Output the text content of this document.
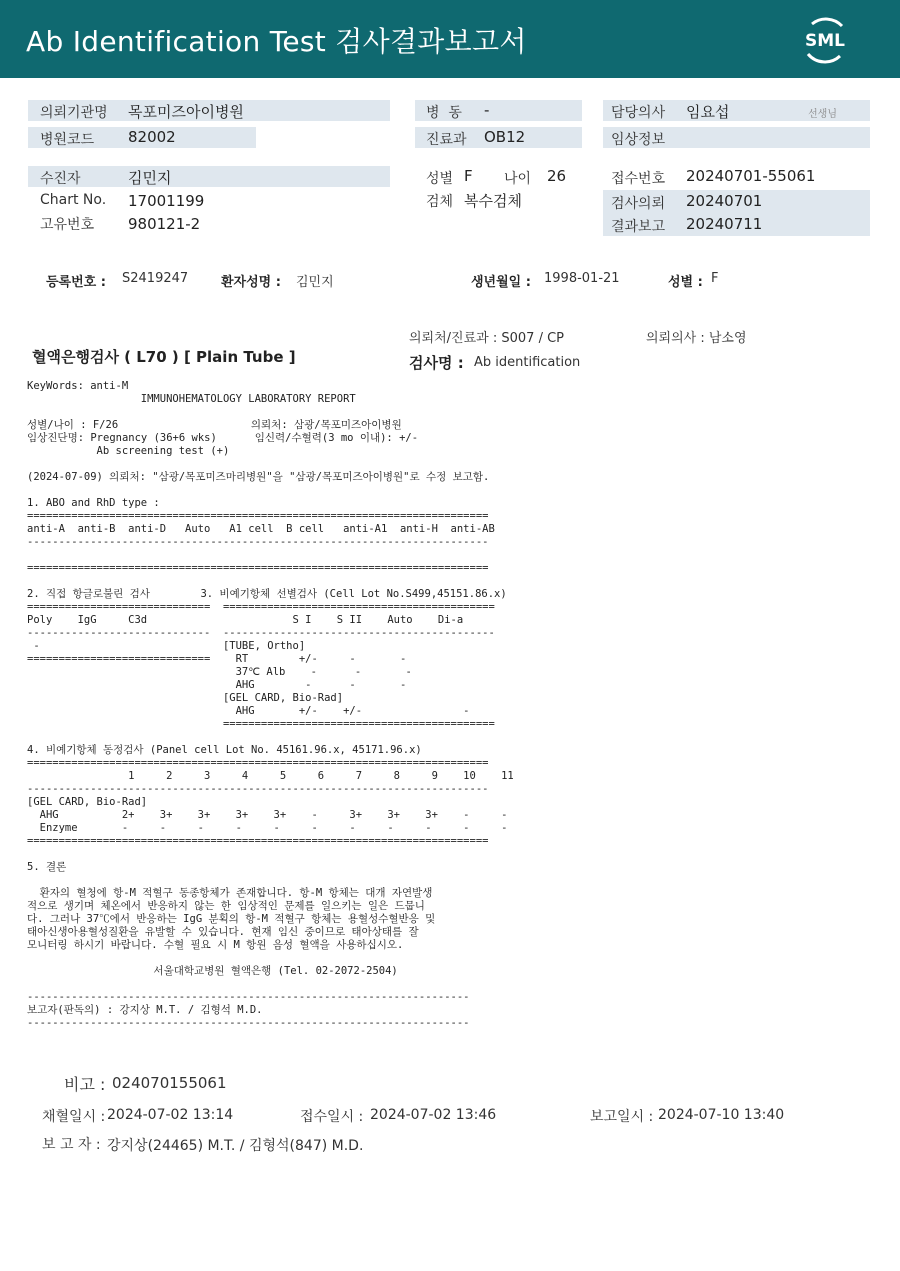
Ab Identification Test 검사결과보고서	SML
의뢰기관명 목포미즈아이병원
병원코드 82002
병  동 -
진료과 OB12
담당의사 임요섭	선생님
임상정보
수진자	김민지
Chart No. 17001199
고유번호 980121-2
성별 F 나이 26
검체 복수검체
접수번호 20240701-55061
검사의뢰 20240701
결과보고 20240711
등록번호 : S2419247	환자성명 : 김민지	생년월일 : 1998-01-21	성별 : F
의뢰처/진료과 : S007 / CP	의뢰의사 : 남소영
혈액은행검사 ( L70 ) [ Plain Tube ]	검사명 : Ab identification
KeyWords: anti-M
IMMUNOHEMATOLOGY LABORATORY REPORT
성별/나이 : F/26                     의뢰처: 삼광/목포미즈아이병원
임상진단명: Pregnancy (36+6 wks)      임신력/수혈력(3 mo 이내): +/-
Ab screening test (+)
(2024-07-09) 의뢰처: "삼광/목포미즈마리병원"을 "삼광/목포미즈아이병원"로 수정 보고함.
1. ABO and RhD type :
=========================================================================
anti-A  anti-B  anti-D   Auto   A1 cell  B cell   anti-A1  anti-H  anti-AB
-------------------------------------------------------------------------
=========================================================================
2. 직접 항글로불린 검사        3. 비예기항체 선별검사 (Cell Lot No.S499,45151.86.x)
=============================  ===========================================
Poly    IgG     C3d                       S I    S II    Auto    Di-a
-----------------------------  -------------------------------------------
-                             [TUBE, Ortho]
=============================    RT        +/-     -       -
37℃ Alb    -      -       -
AHG        -      -       -
[GEL CARD, Bio-Rad]
AHG       +/-    +/-                -
===========================================
4. 비예기항체 동정검사 (Panel cell Lot No. 45161.96.x, 45171.96.x)
=========================================================================
1     2     3     4     5     6     7     8     9    10    11
-------------------------------------------------------------------------
[GEL CARD, Bio-Rad]
AHG          2+    3+    3+    3+    3+    -     3+    3+    3+    -     -
Enzyme       -     -     -     -     -     -     -     -     -     -     -
=========================================================================
5. 결론
환자의 혈청에 항-M 적혈구 동종항체가 존재합니다. 항-M 항체는 대개 자연발생
적으로 생기며 체온에서 반응하지 않는 한 임상적인 문제를 일으키는 일은 드뭅니
다. 그러나 37℃에서 반응하는 IgG 분획의 항-M 적혈구 항체는 용혈성수혈반응 및
태아신생아용혈성질환을 유발할 수 있습니다. 현재 임신 중이므로 태아상태를 잘
모니터링 하시기 바랍니다. 수혈 필요 시 M 항원 음성 혈액을 사용하십시오.
서울대학교병원 혈액은행 (Tel. 02-2072-2504)
----------------------------------------------------------------------
보고자(판독의) : 강지상 M.T. / 김형석 M.D.
----------------------------------------------------------------------
비고 : 024070155061
채혈일시 : 2024-07-02 13:14	접수일시 : 2024-07-02 13:46	보고일시 : 2024-07-10 13:40
보 고 자 : 강지상(24465) M.T. / 김형석(847) M.D.
